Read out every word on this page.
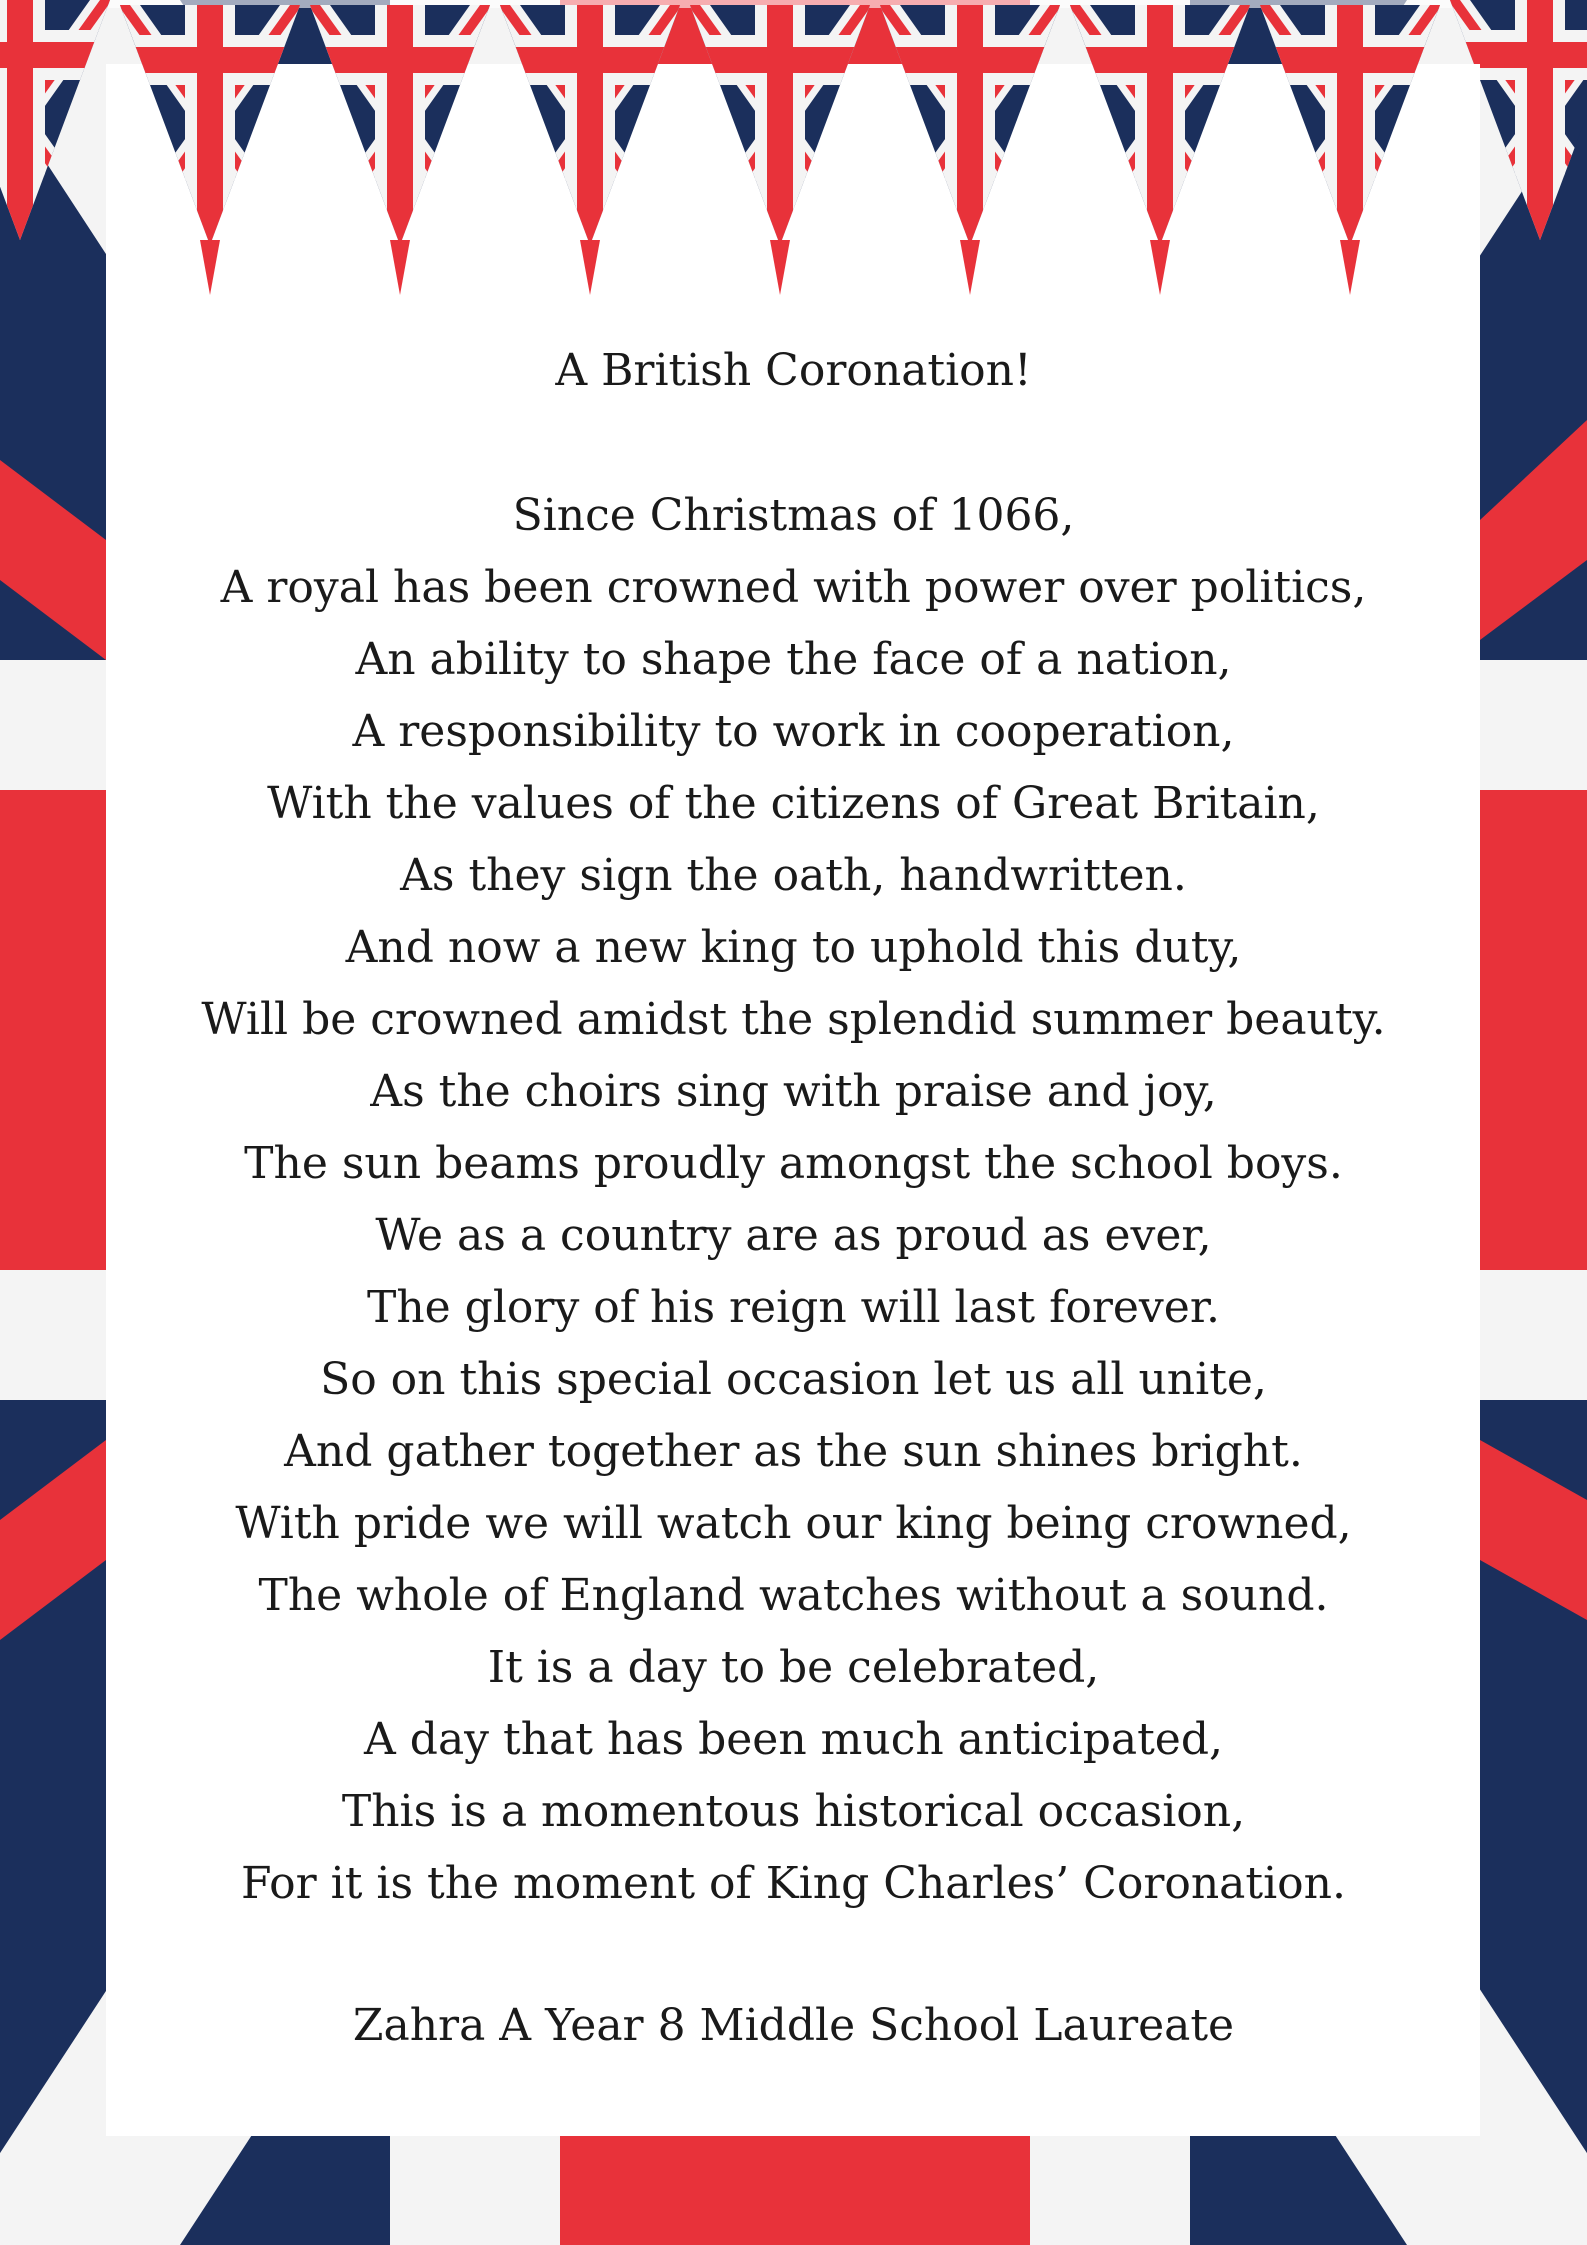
A British Coronation!
Since Christmas of 1066,
A royal has been crowned with power over politics,
An ability to shape the face of a nation,
A responsibility to work in cooperation,
With the values of the citizens of Great Britain,
As they sign the oath, handwritten.
And now a new king to uphold this duty,
Will be crowned amidst the splendid summer beauty.
As the choirs sing with praise and joy,
The sun beams proudly amongst the school boys.
We as a country are as proud as ever,
The glory of his reign will last forever.
So on this special occasion let us all unite,
And gather together as the sun shines bright.
With pride we will watch our king being crowned,
The whole of England watches without a sound.
It is a day to be celebrated,
A day that has been much anticipated,
This is a momentous historical occasion,
For it is the moment of King Charles’ Coronation.

Zahra A Year 8 Middle School Laureate
